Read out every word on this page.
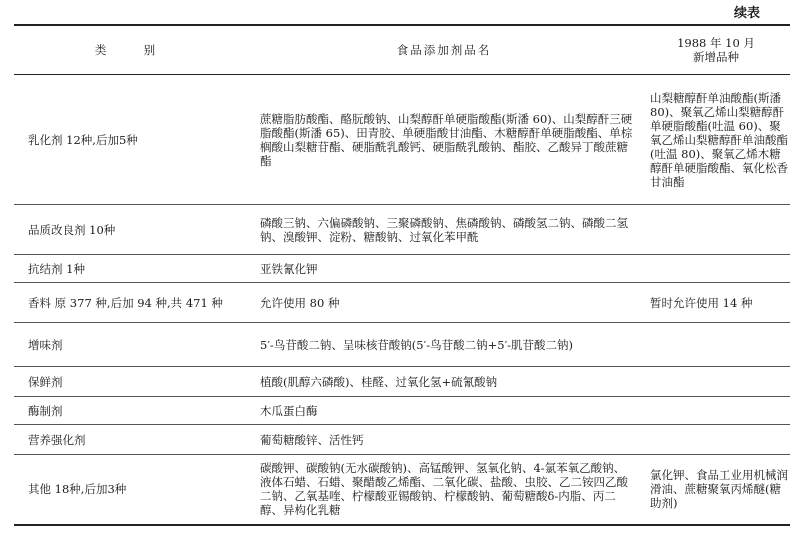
续表
类  别	食品添加剂品名	1988 年 10 月
新增品种
乳化剂 12种,后加5种	蔗糖脂肪酸酯、酪朊酸钠、山梨醇酐单硬脂酸酯(斯潘 60)、山梨醇酐三硬脂酸酯(斯潘 65)、田青胶、单硬脂酸甘油酯、木糖醇酐单硬脂酸酯、单棕榈酸山梨糖苷酯、硬脂酰乳酸钙、硬脂酰乳酸钠、酯胶、乙酸异丁酸蔗糖酯	山梨糖醇酐单油酸酯(斯潘 80)、聚氧乙烯山梨糖醇酐单硬脂酸酯(吐温 60)、聚氧乙烯山梨糖醇酐单油酸酯(吐温 80)、聚氧乙烯木糖醇酐单硬脂酸酯、氧化松香甘油酯
品质改良剂 10种	磷酸三钠、六偏磷酸钠、三聚磷酸钠、焦磷酸钠、磷酸氢二钠、磷酸二氢钠、溴酸钾、淀粉、糖酸钠、过氧化苯甲酰	
抗结剂 1种	亚铁氰化钾	
香料 原 377 种,后加 94 种,共 471 种	允许使用 80 种	暂时允许使用 14 种
增味剂	5′-鸟苷酸二钠、呈味核苷酸钠(5′-鸟苷酸二钠+5′-肌苷酸二钠)	
保鲜剂	植酸(肌醇六磷酸)、桂醛、过氧化氢+硫氰酸钠	
酶制剂	木瓜蛋白酶	
营养强化剂	葡萄糖酸锌、活性钙	
其他 18种,后加3种	碳酸钾、碳酸钠(无水碳酸钠)、高锰酸钾、氢氧化钠、4-氯苯氧乙酸钠、液体石蜡、石蜡、聚醋酸乙烯酯、二氧化碳、盐酸、虫胶、乙二铵四乙酸二钠、乙氧基喹、柠檬酸亚锡酸钠、柠檬酸钠、葡萄糖酸δ-内脂、丙二醇、异构化乳糖	氯化钾、食品工业用机械润滑油、蔗糖聚氧丙烯醚(糖助剂)
